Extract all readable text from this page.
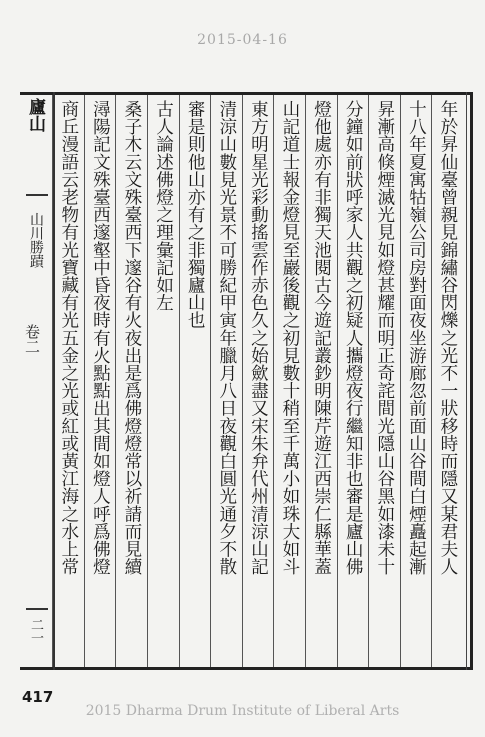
2015-04-16
廬山
山川勝蹟
卷二
二一
年於昇仙臺曾親見錦繡谷閃爍之光不一狀移時而隱又某君夫人
十八年夏寓牯嶺公司房對面夜坐游廊忽前面山谷間白煙矗起漸
昇漸高倏煙滅光見如燈甚耀而明正奇詫間光隱山谷黑如漆未十
分鐘如前狀呼家人共觀之初疑人攜燈夜行繼知非也審是廬山佛
燈他處亦有非獨天池閱古今遊記叢鈔明陳芹遊江西崇仁縣華蓋
山記道士報金燈見至巖後觀之初見數十稍至千萬小如珠大如斗
東方明星光彩動搖雲作赤色久之始歛盡又宋朱弁代州清涼山記
清涼山數見光景不可勝紀甲寅年臘月八日夜觀白圓光通夕不散
審是則他山亦有之非獨廬山也
古人論述佛燈之理彙記如左
桑子木云文殊臺西下邃谷有火夜出是爲佛燈燈常以祈請而見續
潯陽記文殊臺西邃壑中昏夜時有火點點出其間如燈人呼爲佛燈
商丘漫語云老物有光寶藏有光五金之光或紅或黃江海之水上常
417
2015 Dharma Drum Institute of Liberal Arts
